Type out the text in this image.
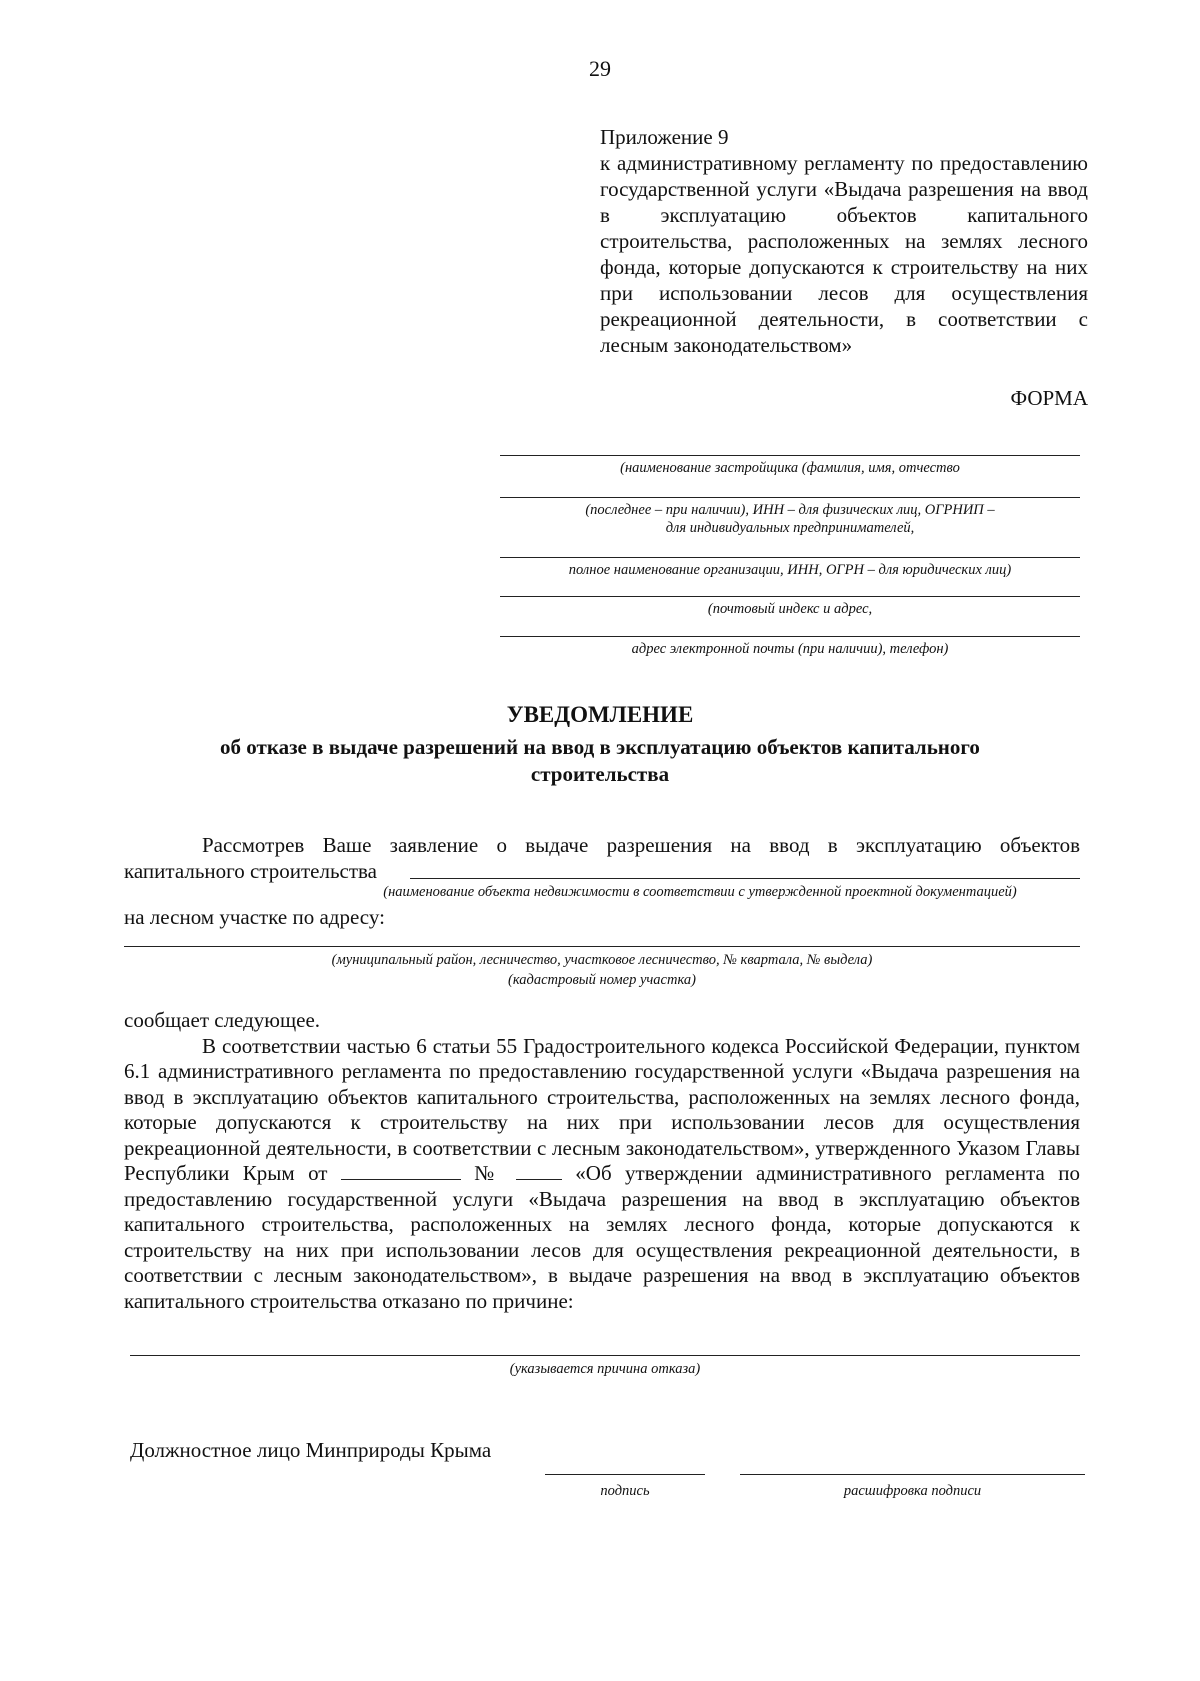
29
Приложение 9
к административному регламенту по предоставлению государственной услуги «Выдача разрешения на ввод в эксплуатацию объектов капитального строительства, расположенных на землях лесного фонда, которые допускаются к строительству на них при использовании лесов для осуществления рекреационной деятельности, в соответствии с лесным законодательством»
ФОРМА
(наименование застройщика (фамилия, имя, отчество
(последнее – при наличии), ИНН – для физических лиц, ОГРНИП –
для индивидуальных предпринимателей,
полное наименование организации, ИНН, ОГРН – для юридических лиц)
(почтовый индекс и адрес,
адрес электронной почты (при наличии), телефон)
УВЕДОМЛЕНИЕ
об отказе в выдаче разрешений на ввод в эксплуатацию объектов капитального строительства
Рассмотрев Ваше заявление о выдаче разрешения на ввод в эксплуатацию объектов
капитального строительства
(наименование объекта недвижимости в соответствии с утвержденной проектной документацией)
на лесном участке по адресу:
(муниципальный район, лесничество, участковое лесничество, № квартала, № выдела)
(кадастровый номер участка)

сообщает следующее.

В соответствии частью 6 статьи 55 Градостроительного кодекса Российской Федерации, пунктом 6.1 административного регламента по предоставлению государственной услуги «Выдача разрешения на ввод в эксплуатацию объектов капитального строительства, расположенных на землях лесного фонда, которые допускаются к строительству на них при использовании лесов для осуществления рекреационной деятельности, в соответствии с лесным законодательством», утвержденного Указом Главы Республики Крым от	№	«Об утверждении административного регламента по предоставлению государственной услуги «Выдача разрешения на ввод в эксплуатацию объектов капитального строительства, расположенных на землях лесного фонда, которые допускаются к строительству на них при использовании лесов для осуществления рекреационной деятельности, в соответствии с лесным законодательством», в выдаче разрешения на ввод в эксплуатацию объектов капитального строительства отказано по причине:

(указывается причина отказа)
Должностное лицо Минприроды Крыма
подпись	расшифровка подписи
